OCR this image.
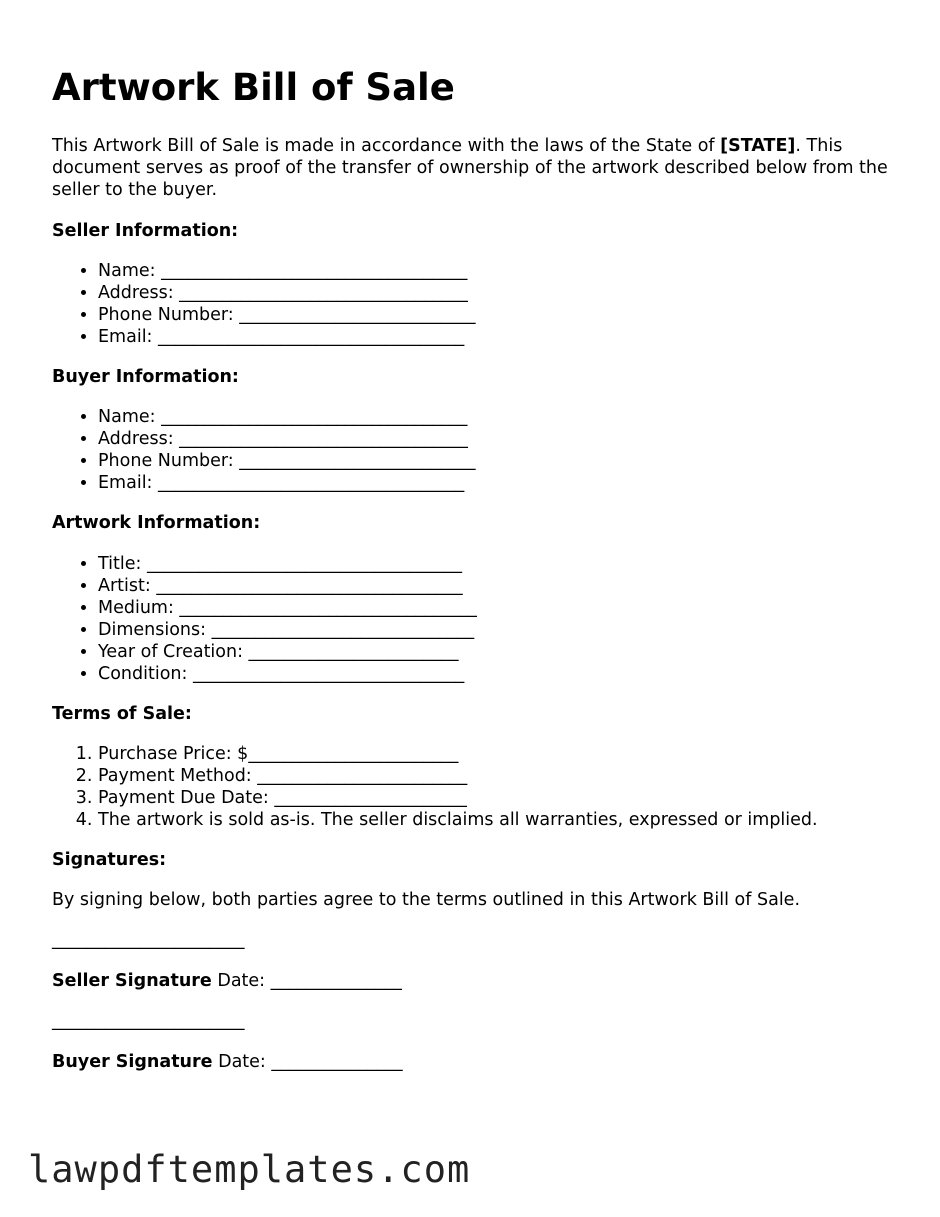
Artwork Bill of Sale

This Artwork Bill of Sale is made in accordance with the laws of the State of [STATE]. This document serves as proof of the transfer of ownership of the artwork described below from the seller to the buyer.

Seller Information:
• Name: ___________________________________
• Address: _________________________________
• Phone Number: ___________________________
• Email: ___________________________________
Buyer Information:
• Name: ___________________________________
• Address: _________________________________
• Phone Number: ___________________________
• Email: ___________________________________
Artwork Information:
• Title: ____________________________________
• Artist: ___________________________________
• Medium: __________________________________
• Dimensions: ______________________________
• Year of Creation: ________________________
• Condition: _______________________________
Terms of Sale:
1. Purchase Price: $________________________
2. Payment Method: ________________________
3. Payment Due Date: ______________________
4. The artwork is sold as-is. The seller disclaims all warranties, expressed or implied.
Signatures:

By signing below, both parties agree to the terms outlined in this Artwork Bill of Sale.

______________________

Seller Signature Date: _______________

______________________

Buyer Signature Date: _______________

lawpdftemplates.com
